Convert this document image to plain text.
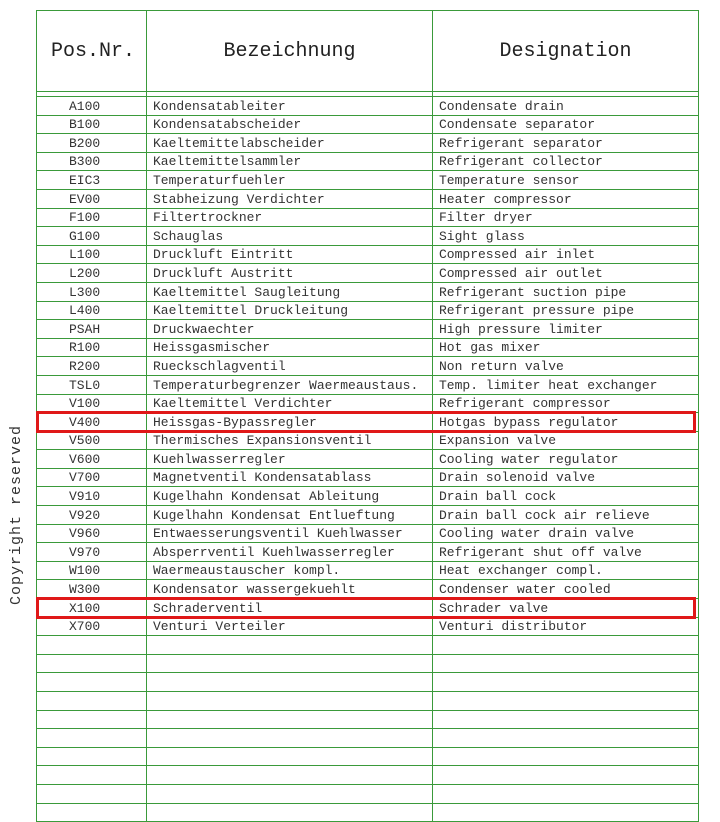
Pos.Nr.	Bezeichnung	Designation

A100	Kondensatableiter	Condensate drain
B100	Kondensatabscheider	Condensate separator
B200	Kaeltemittelabscheider	Refrigerant separator
B300	Kaeltemittelsammler	Refrigerant collector
EIC3	Temperaturfuehler	Temperature sensor
EV00	Stabheizung Verdichter	Heater compressor
F100	Filtertrockner	Filter dryer
G100	Schauglas	Sight glass
L100	Druckluft Eintritt	Compressed air inlet
L200	Druckluft Austritt	Compressed air outlet
L300	Kaeltemittel Saugleitung	Refrigerant suction pipe
L400	Kaeltemittel Druckleitung	Refrigerant pressure pipe
PSAH	Druckwaechter	High pressure limiter
R100	Heissgasmischer	Hot gas mixer
R200	Rueckschlagventil	Non return valve
TSL0	Temperaturbegrenzer Waermeaustaus.	Temp. limiter heat exchanger
V100	Kaeltemittel Verdichter	Refrigerant compressor
V400	Heissgas-Bypassregler	Hotgas bypass regulator
V500	Thermisches Expansionsventil	Expansion valve
V600	Kuehlwasserregler	Cooling water regulator
V700	Magnetventil Kondensatablass	Drain solenoid valve
V910	Kugelhahn Kondensat Ableitung	Drain ball cock
V920	Kugelhahn Kondensat Entlueftung	Drain ball cock air relieve
V960	Entwaesserungsventil Kuehlwasser	Cooling water drain valve
V970	Absperrventil Kuehlwasserregler	Refrigerant shut off valve
W100	Waermeaustauscher kompl.	Heat exchanger compl.
W300	Kondensator wassergekuehlt	Condenser water cooled
X100	Schraderventil	Schrader valve
X700	Venturi Verteiler	Venturi distributor

Copyright reserved
